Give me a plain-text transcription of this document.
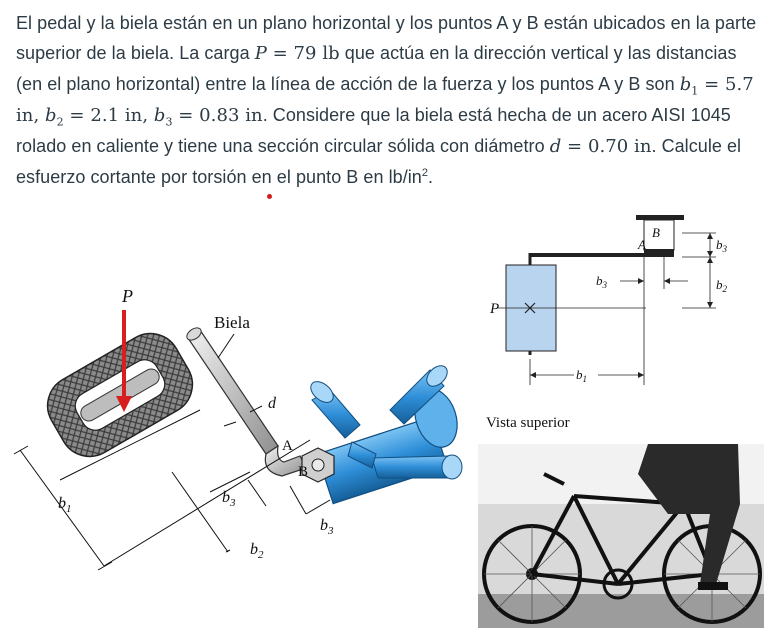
El pedal y la biela están en un plano horizontal y los puntos A y B están ubicados en la parte superior de la biela. La carga P = 79 lb que actúa en la dirección vertical y las distancias (en el plano horizontal) entre la línea de acción de la fuerza y los puntos A y B son $b_1 = 5.7$ in, $b_2 = 2.1$ in, $b_3 = 0.83$ in. Considere que la biela está hecha de un acero AISI 1045 rolado en caliente y tiene una sección circular sólida con diámetro d = 0.70 in. Calcule el esfuerzo cortante por torsión en el punto B en $lb/in^2$.

P
Biela
d
A
B
$b_1$
$b_3$
$b_3$
$b_2$
P
A
B
$b_3$
$b_2$
$b_3$
$b_1$
Vista superior
